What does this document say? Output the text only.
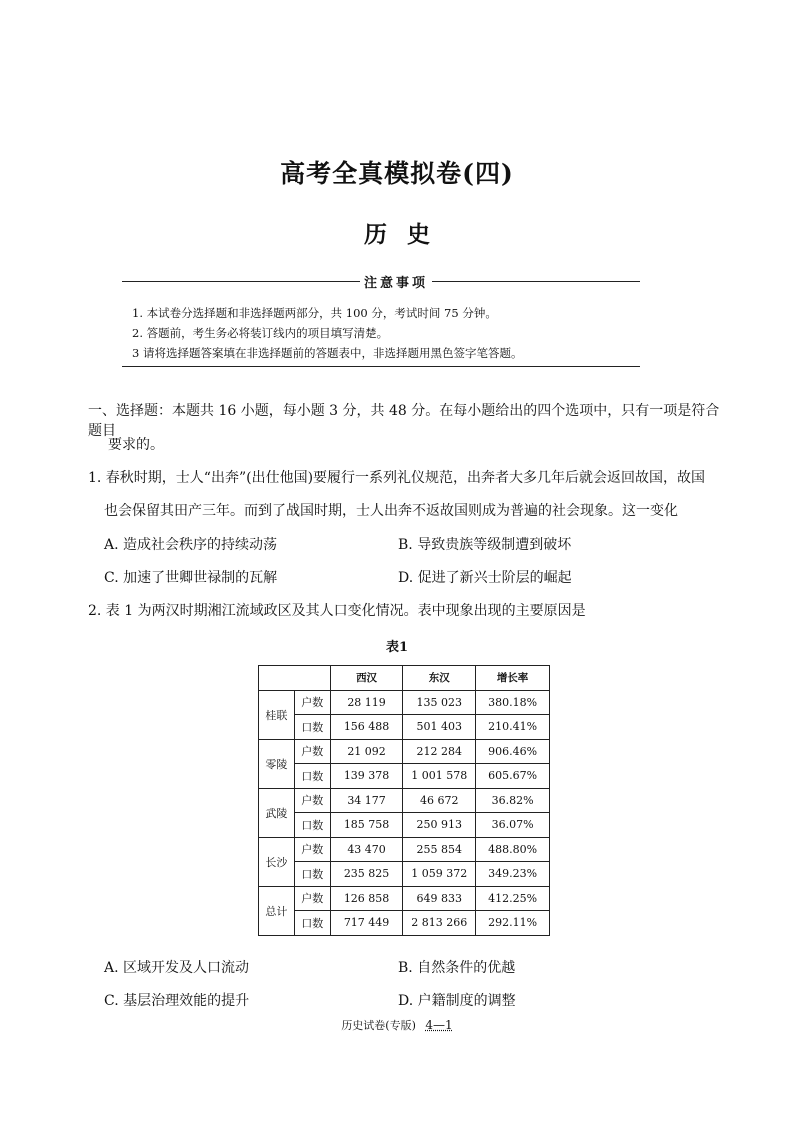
高考全真模拟卷(四)
历史
注意事项
1. 本试卷分选择题和非选择题两部分，共 100 分，考试时间 75 分钟。
2. 答题前，考生务必将装订线内的项目填写清楚。
3 请将选择题答案填在非选择题前的答题表中，非选择题用黑色签字笔答题。
一、选择题：本题共 16 小题，每小题 3 分，共 48 分。在每小题给出的四个选项中，只有一项是符合题目
要求的。
1. 春秋时期，士人“出奔”(出仕他国)要履行一系列礼仪规范，出奔者大多几年后就会返回故国，故国
也会保留其田产三年。而到了战国时期，士人出奔不返故国则成为普遍的社会现象。这一变化
A. 造成社会秩序的持续动荡	B. 导致贵族等级制遭到破坏
C. 加速了世卿世禄制的瓦解	D. 促进了新兴士阶层的崛起
2. 表 1 为两汉时期湘江流域政区及其人口变化情况。表中现象出现的主要原因是
表1
		西汉	东汉	增长率
桂联	户数	28 119	135 023	380.18%
	口数	156 488	501 403	210.41%
零陵	户数	21 092	212 284	906.46%
	口数	139 378	1 001 578	605.67%
武陵	户数	34 177	46 672	36.82%
	口数	185 758	250 913	36.07%
长沙	户数	43 470	255 854	488.80%
	口数	235 825	1 059 372	349.23%
总计	户数	126 858	649 833	412.25%
	口数	717 449	2 813 266	292.11%
A. 区域开发及人口流动	B. 自然条件的优越
C. 基层治理效能的提升	D. 户籍制度的调整
历史试卷(专版) 4—1
